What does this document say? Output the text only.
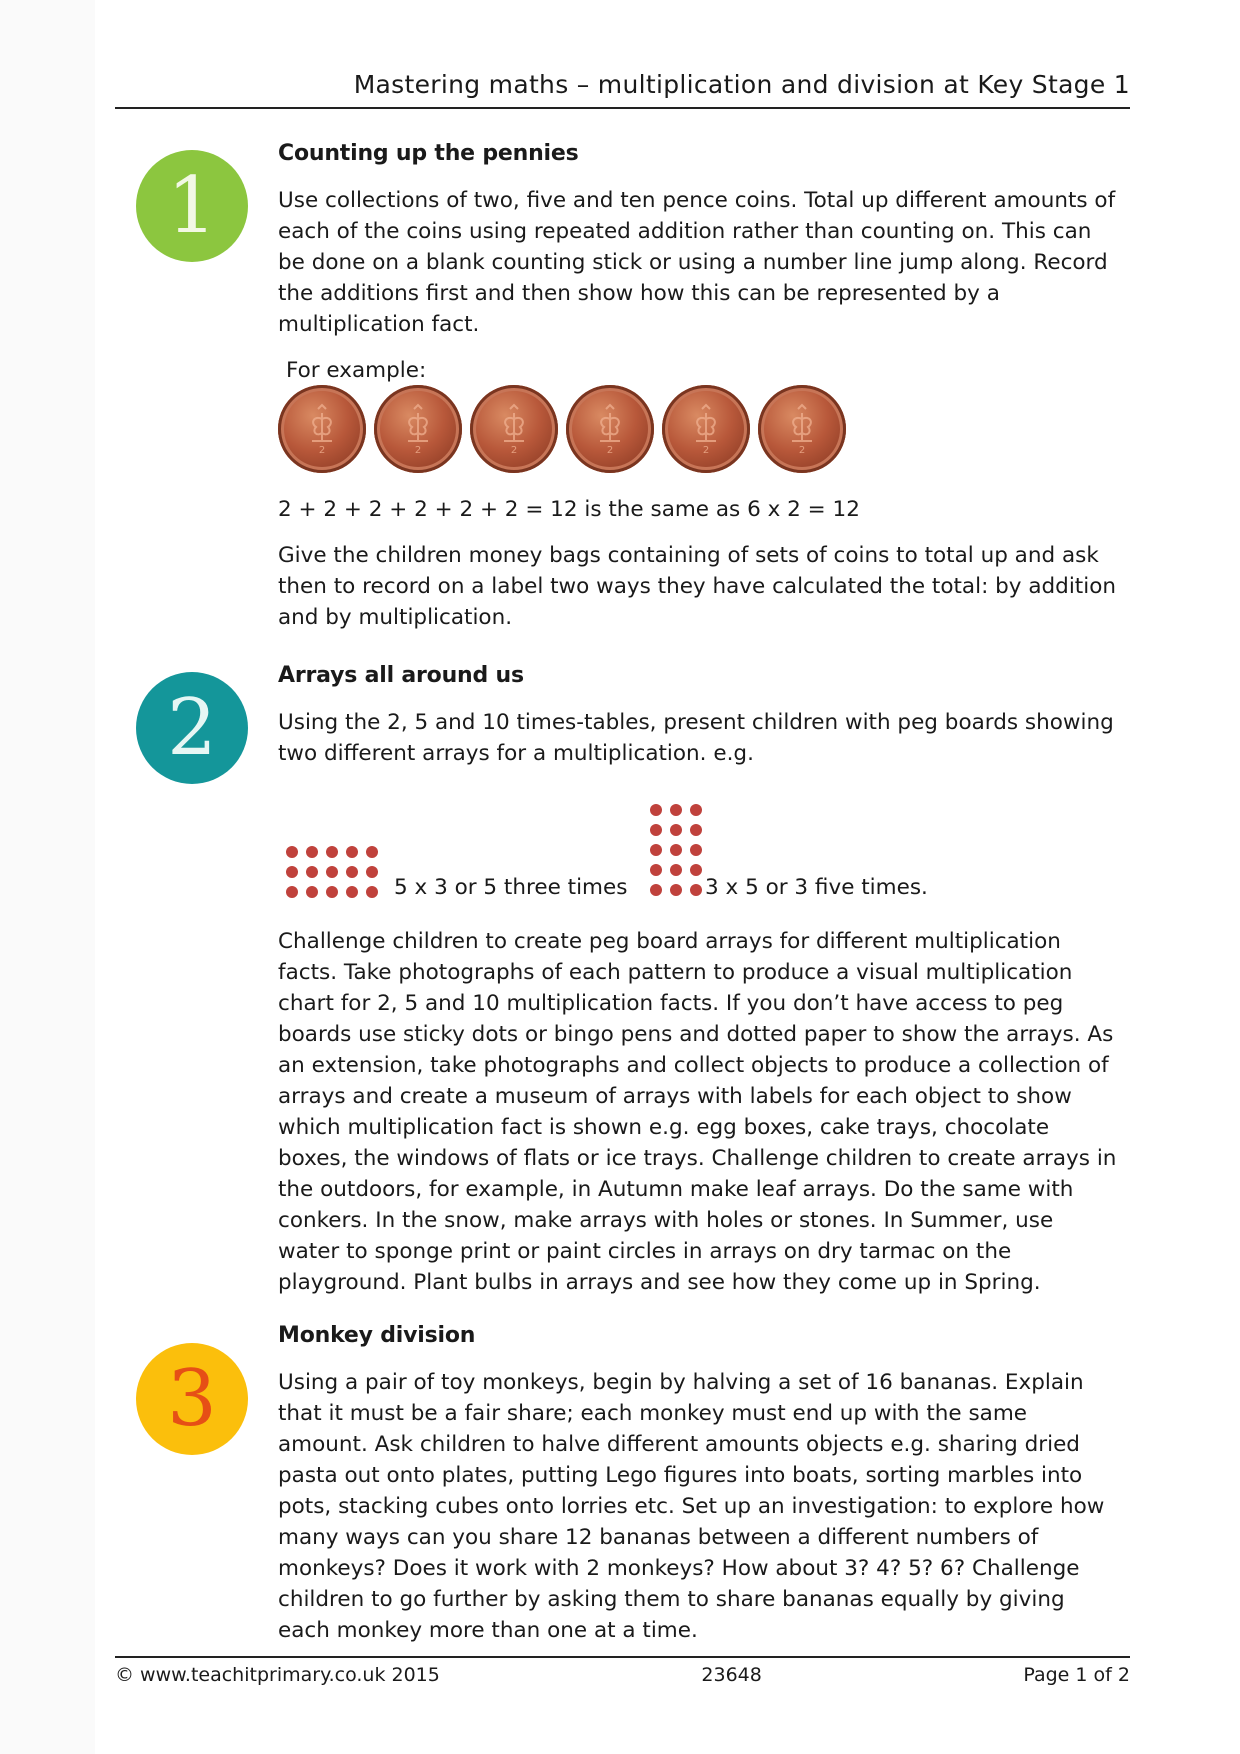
Mastering maths – multiplication and division at Key Stage 1
1
Counting up the pennies

Use collections of two, five and ten pence coins. Total up different amounts of each of the coins using repeated addition rather than counting on. This can be done on a blank counting stick or using a number line jump along. Record the additions first and then show how this can be represented by a multiplication fact.

For example:

2	2	2	2	2	2

2 + 2 + 2 + 2 + 2 + 2 = 12 is the same as 6 x 2 = 12

Give the children money bags containing of sets of coins to total up and ask then to record on a label two ways they have calculated the total: by addition and by multiplication.

2
Arrays all around us

Using the 2, 5 and 10 times-tables, present children with peg boards showing two different arrays for a multiplication. e.g.

5 x 3 or 5 three times	3 x 5 or 3 five times.

Challenge children to create peg board arrays for different multiplication facts. Take photographs of each pattern to produce a visual multiplication chart for 2, 5 and 10 multiplication facts. If you don’t have access to peg boards use sticky dots or bingo pens and dotted paper to show the arrays. As an extension, take photographs and collect objects to produce a collection of arrays and create a museum of arrays with labels for each object to show which multiplication fact is shown e.g. egg boxes, cake trays, chocolate boxes, the windows of flats or ice trays. Challenge children to create arrays in the outdoors, for example, in Autumn make leaf arrays. Do the same with conkers. In the snow, make arrays with holes or stones. In Summer, use water to sponge print or paint circles in arrays on dry tarmac on the playground. Plant bulbs in arrays and see how they come up in Spring.

3
Monkey division

Using a pair of toy monkeys, begin by halving a set of 16 bananas. Explain that it must be a fair share; each monkey must end up with the same amount. Ask children to halve different amounts objects e.g. sharing dried pasta out onto plates, putting Lego figures into boats, sorting marbles into pots, stacking cubes onto lorries etc. Set up an investigation: to explore how many ways can you share 12 bananas between a different numbers of monkeys? Does it work with 2 monkeys? How about 3? 4? 5? 6? Challenge children to go further by asking them to share bananas equally by giving each monkey more than one at a time.

© www.teachitprimary.co.uk 2015	23648	Page 1 of 2
